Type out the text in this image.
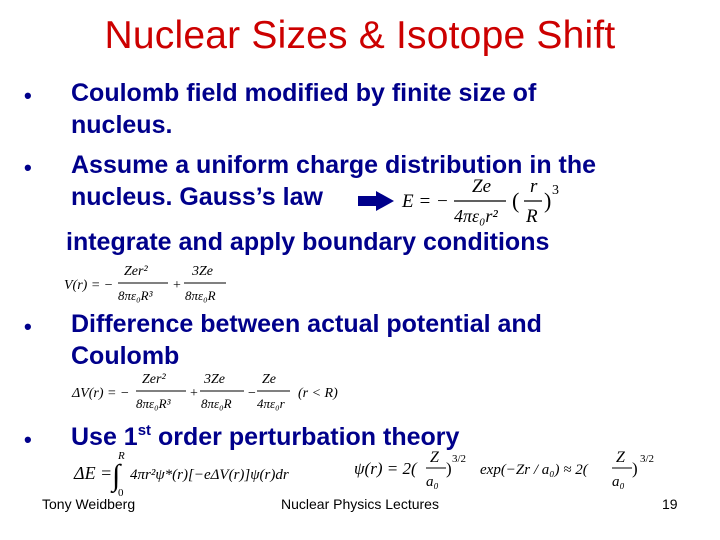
Nuclear Sizes & Isotope Shift
• Coulomb field modified by finite size of
nucleus.
• Assume a uniform charge distribution in the
nucleus. Gauss’s law	E = −
Ze
4πε₀r²
(
r
R
) 3
integrate and apply boundary conditions
V(r) = −
Zer²
8πε₀R³
+
3Ze
8πε₀R
• Difference between actual potential and
Coulomb
ΔV(r) = −
Zer²
8πε₀R³
+
3Ze
8πε₀R
−
Ze
4πε₀r
(r < R)
• Use 1st order perturbation theory
ΔE =
R
∫
0
4πr²ψ*(r)[−eΔV(r)]ψ(r)dr	ψ(r) = 2(
Z
a₀
) 3/2
exp(−Zr / a₀) ≈ 2(
Z
a₀
) 3/2
Tony Weidberg	Nuclear Physics Lectures	19
